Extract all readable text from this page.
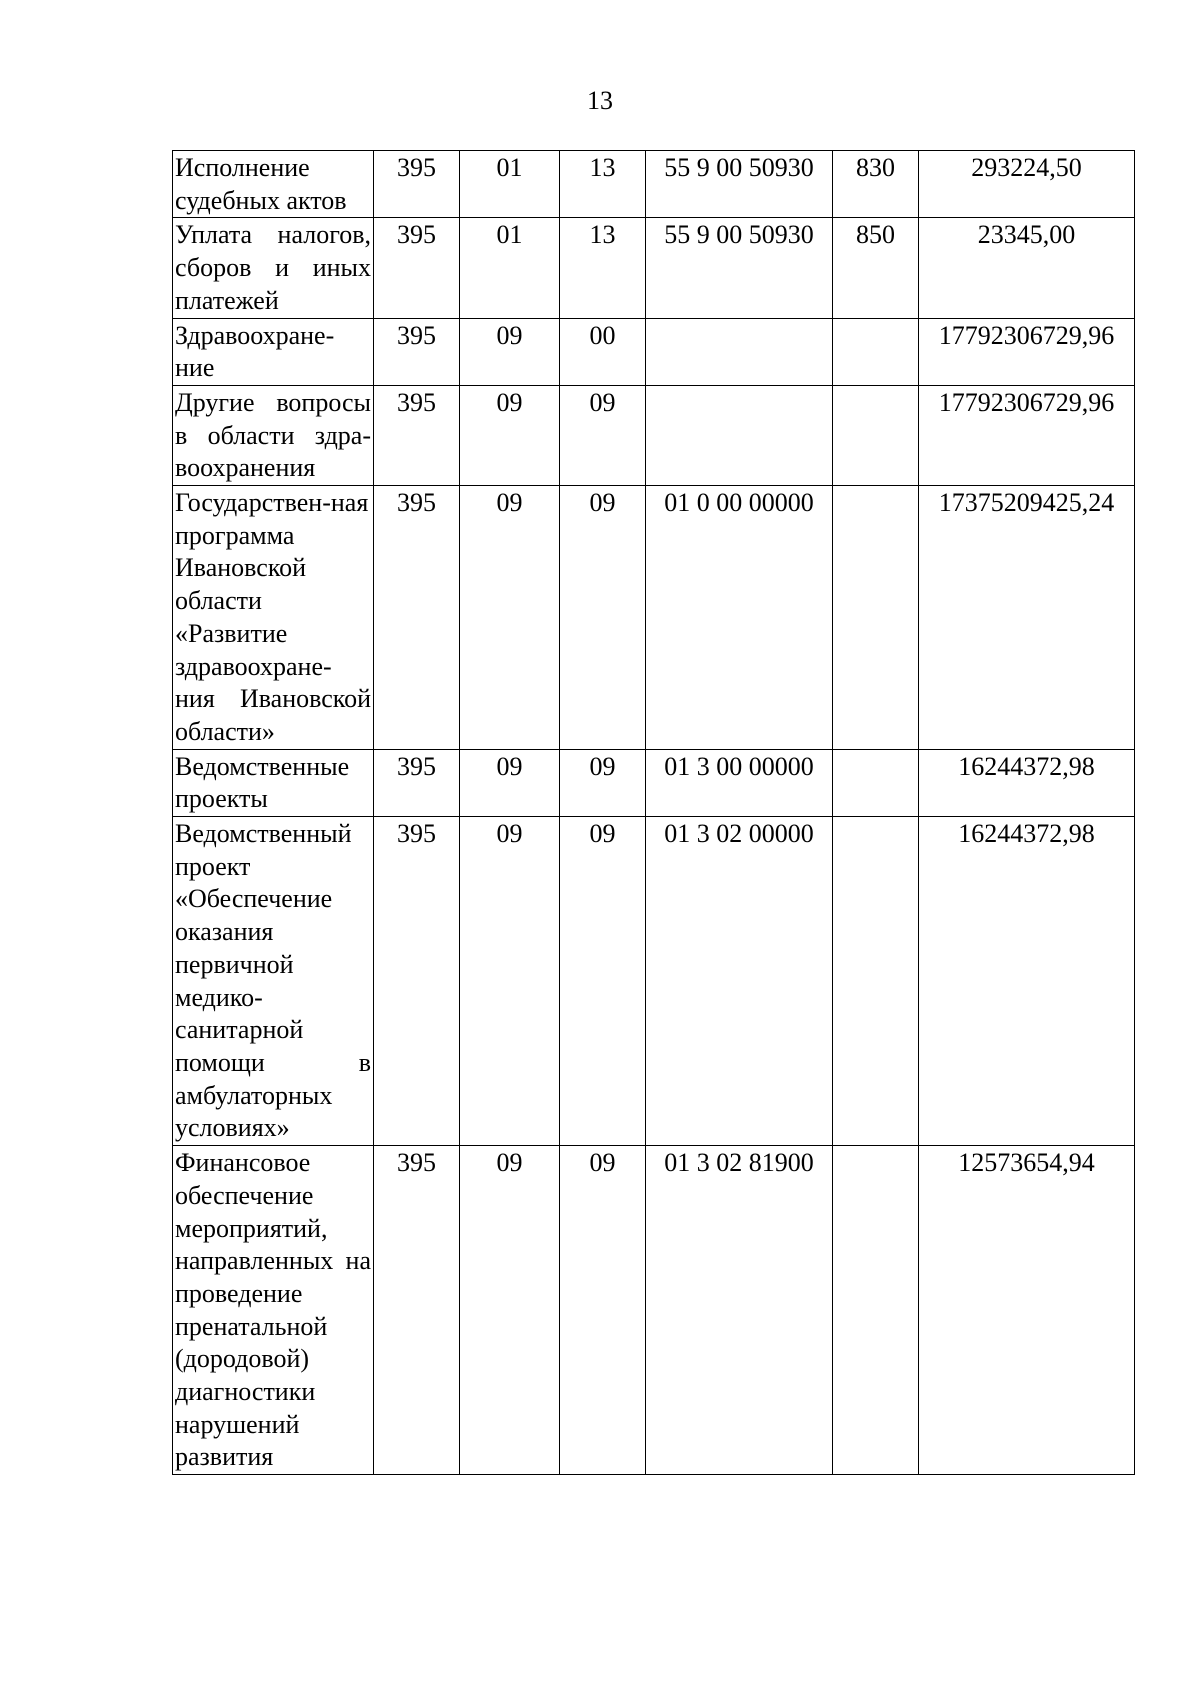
13
Исполнение судебных актов	395	01	13	55 9 00 50930	830	293224,50
Уплата налогов, сборов и иных платежей	395	01	13	55 9 00 50930	850	23345,00
Здравоохране-ние	395	09	00			17792306729,96
Другие вопросы в области здра-воохранения	395	09	09			17792306729,96
Государствен-ная программа Ивановской области «Развитие здравоохране-ния Ивановской области»	395	09	09	01 0 00 00000		17375209425,24
Ведомственные проекты	395	09	09	01 3 00 00000		16244372,98
Ведомственный проект «Обеспечение оказания первичной медико-санитарной помощи в амбулаторных условиях»	395	09	09	01 3 02 00000		16244372,98
Финансовое обеспечение мероприятий, направленных на проведение пренатальной (дородовой) диагностики нарушений развития	395	09	09	01 3 02 81900		12573654,94
